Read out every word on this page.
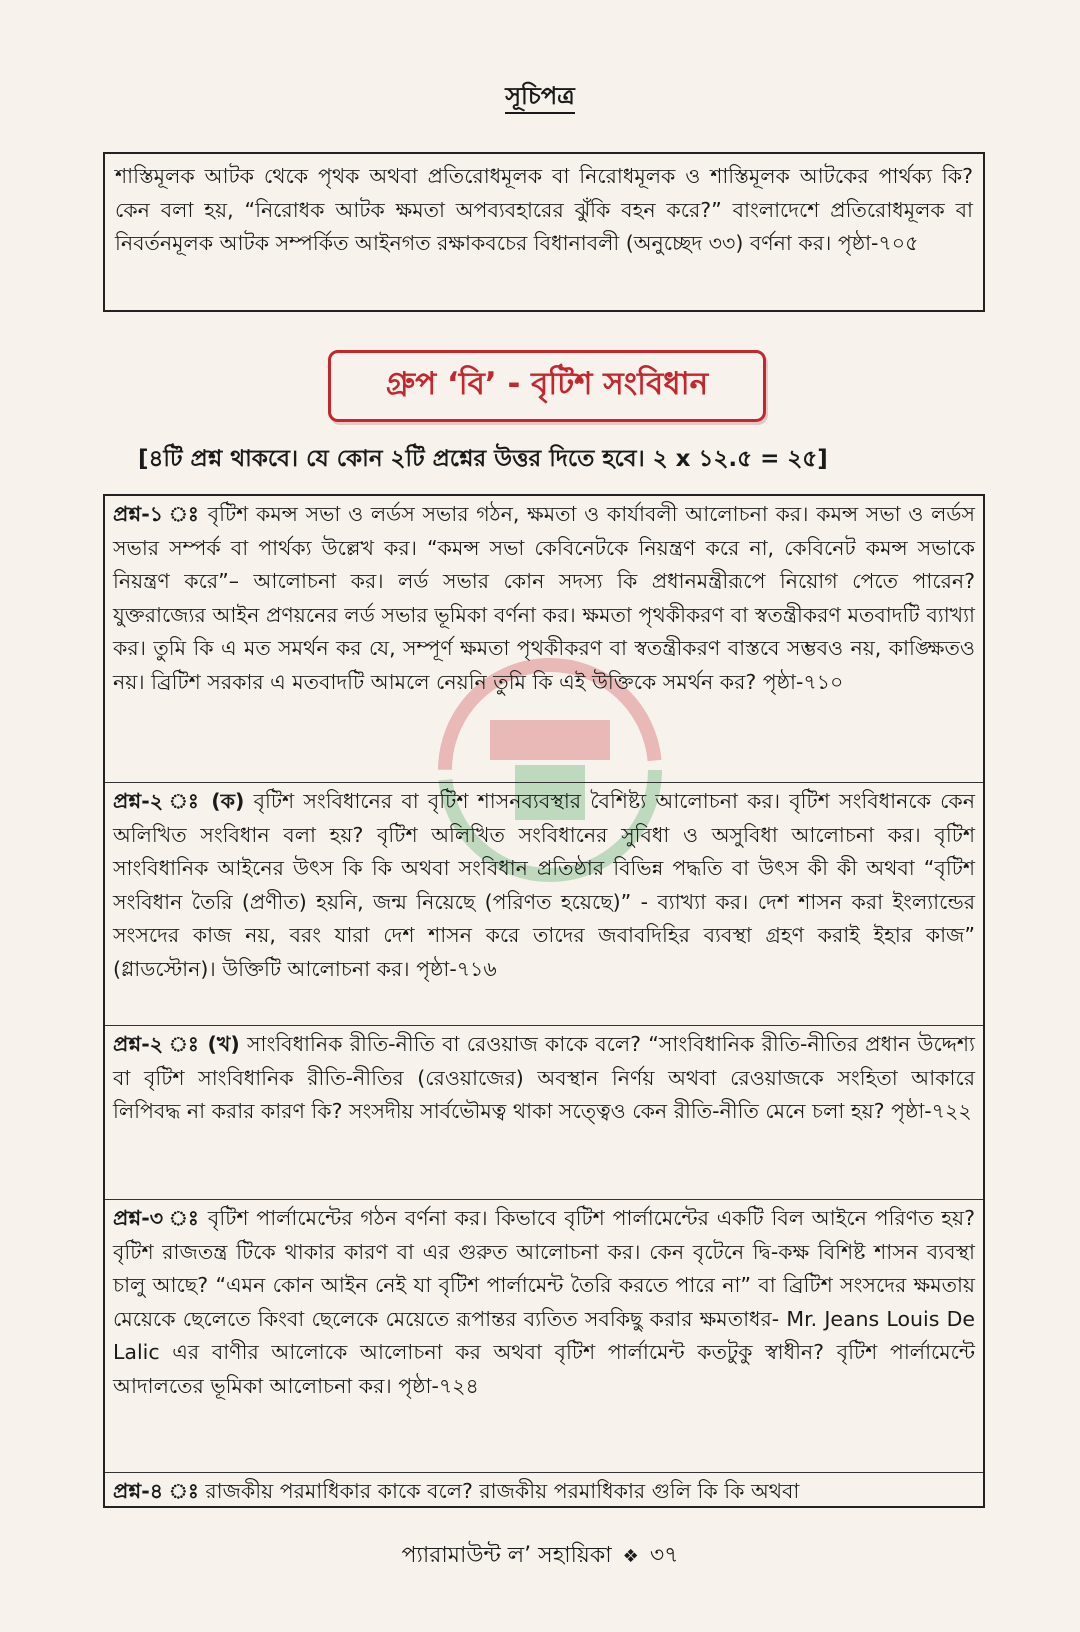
সূচিপত্র
শাস্তিমূলক আটক থেকে পৃথক অথবা প্রতিরোধমূলক বা নিরোধমূলক ও শাস্তিমূলক আটকের পার্থক্য কি? কেন বলা হয়, “নিরোধক আটক ক্ষমতা অপব্যবহারের ঝুঁকি বহন করে?” বাংলাদেশে প্রতিরোধমূলক বা নিবর্তনমূলক আটক সম্পর্কিত আইনগত রক্ষাকবচের বিধানাবলী (অনুচ্ছেদ ৩৩) বর্ণনা কর। পৃষ্ঠা-৭০৫
গ্রুপ ‘বি’ - বৃটিশ সংবিধান
[৪টি প্রশ্ন থাকবে। যে কোন ২টি প্রশ্নের উত্তর দিতে হবে। ২ x ১২.৫ = ২৫]
প্রশ্ন-১ ঃ বৃটিশ কমন্স সভা ও লর্ডস সভার গঠন, ক্ষমতা ও কার্যাবলী আলোচনা কর। কমন্স সভা ও লর্ডস সভার সম্পর্ক বা পার্থক্য উল্লেখ কর। “কমন্স সভা কেবিনেটকে নিয়ন্ত্রণ করে না, কেবিনেট কমন্স সভাকে নিয়ন্ত্রণ করে”– আলোচনা কর। লর্ড সভার কোন সদস্য কি প্রধানমন্ত্রীরূপে নিয়োগ পেতে পারেন? যুক্তরাজ্যের আইন প্রণয়নের লর্ড সভার ভূমিকা বর্ণনা কর। ক্ষমতা পৃথকীকরণ বা স্বতন্ত্রীকরণ মতবাদটি ব্যাখ্যা কর। তুমি কি এ মত সমর্থন কর যে, সম্পূর্ণ ক্ষমতা পৃথকীকরণ বা স্বতন্ত্রীকরণ বাস্তবে সম্ভবও নয়, কাঙ্ক্ষিতও নয়। ব্রিটিশ সরকার এ মতবাদটি আমলে নেয়নি তুমি কি এই উক্তিকে সমর্থন কর? পৃষ্ঠা-৭১০
প্রশ্ন-২ ঃ (ক) বৃটিশ সংবিধানের বা বৃটিশ শাসনব্যবস্থার বৈশিষ্ট্য আলোচনা কর। বৃটিশ সংবিধানকে কেন অলিখিত সংবিধান বলা হয়? বৃটিশ অলিখিত সংবিধানের সুবিধা ও অসুবিধা আলোচনা কর। বৃটিশ সাংবিধানিক আইনের উৎস কি কি অথবা সংবিধান প্রতিষ্ঠার বিভিন্ন পদ্ধতি বা উৎস কী কী অথবা “বৃটিশ সংবিধান তৈরি (প্রণীত) হয়নি, জন্ম নিয়েছে (পরিণত হয়েছে)” - ব্যাখ্যা কর। দেশ শাসন করা ইংল্যান্ডের সংসদের কাজ নয়, বরং যারা দেশ শাসন করে তাদের জবাবদিহির ব্যবস্থা গ্রহণ করাই ইহার কাজ” (গ্লাডস্টোন)। উক্তিটি আলোচনা কর। পৃষ্ঠা-৭১৬
প্রশ্ন-২ ঃ (খ) সাংবিধানিক রীতি-নীতি বা রেওয়াজ কাকে বলে? “সাংবিধানিক রীতি-নীতির প্রধান উদ্দেশ্য বা বৃটিশ সাংবিধানিক রীতি-নীতির (রেওয়াজের) অবস্থান নির্ণয় অথবা রেওয়াজকে সংহিতা আকারে লিপিবদ্ধ না করার কারণ কি? সংসদীয় সার্বভৌমত্ব থাকা সত্ত্বেও কেন রীতি-নীতি মেনে চলা হয়? পৃষ্ঠা-৭২২
প্রশ্ন-৩ ঃ বৃটিশ পার্লামেন্টের গঠন বর্ণনা কর। কিভাবে বৃটিশ পার্লামেন্টের একটি বিল আইনে পরিণত হয়? বৃটিশ রাজতন্ত্র টিকে থাকার কারণ বা এর গুরুত আলোচনা কর। কেন বৃটেনে দ্বি-কক্ষ বিশিষ্ট শাসন ব্যবস্থা চালু আছে? “এমন কোন আইন নেই যা বৃটিশ পার্লামেন্ট তৈরি করতে পারে না” বা ব্রিটিশ সংসদের ক্ষমতায় মেয়েকে ছেলেতে কিংবা ছেলেকে মেয়েতে রূপান্তর ব্যতিত সবকিছু করার ক্ষমতাধর- Mr. Jeans Louis De Lalic এর বাণীর আলোকে আলোচনা কর অথবা বৃটিশ পার্লামেন্ট কতটুকু স্বাধীন? বৃটিশ পার্লামেন্টে আদালতের ভূমিকা আলোচনা কর। পৃষ্ঠা-৭২৪
প্রশ্ন-৪ ঃ রাজকীয় পরমাধিকার কাকে বলে? রাজকীয় পরমাধিকার গুলি কি কি অথবা
প্যারামাউন্ট ল’ সহায়িকা ❖ ৩৭
